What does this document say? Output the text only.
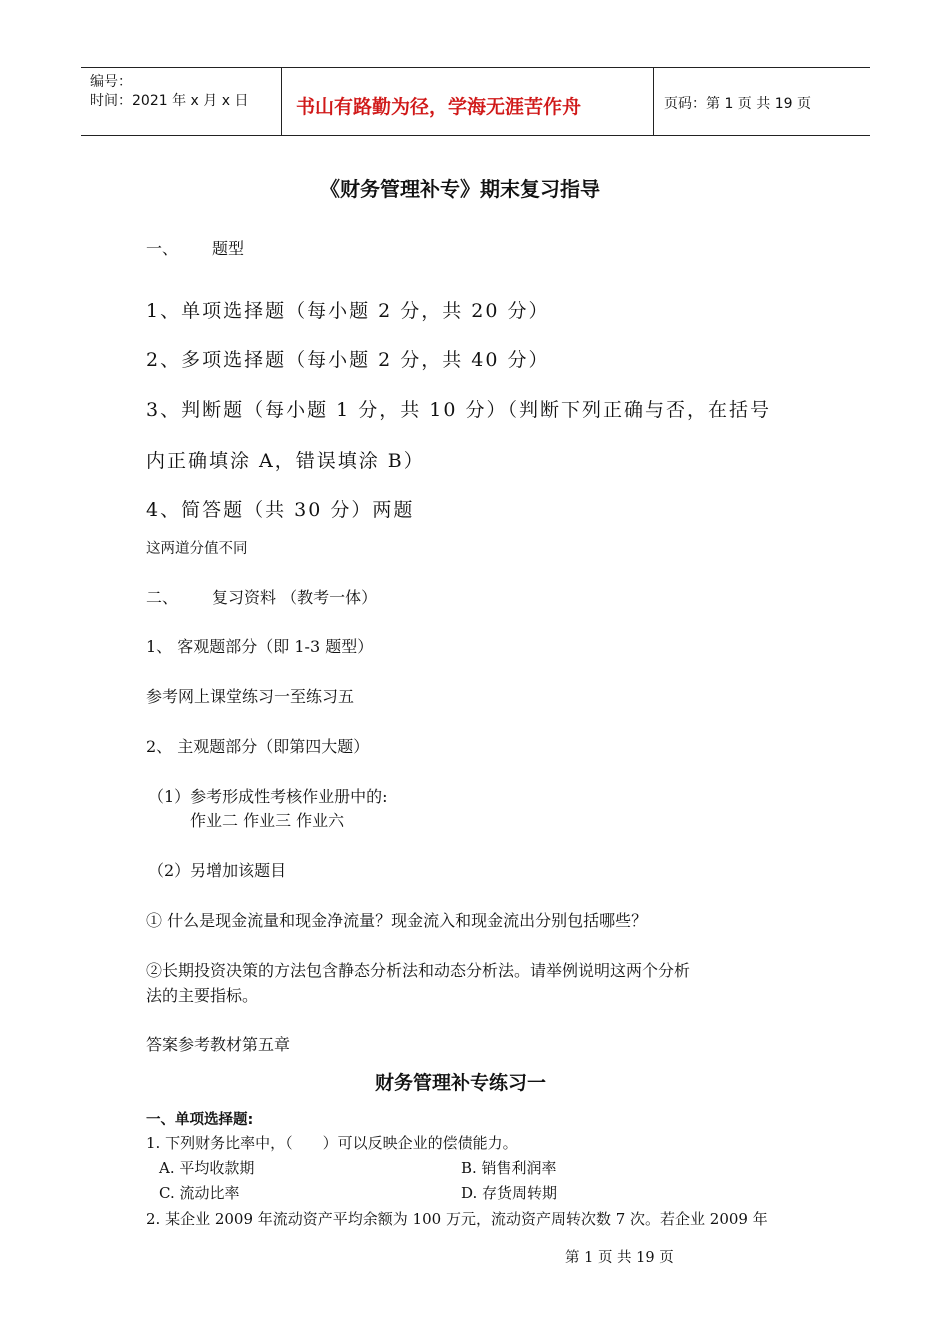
编号：
时间：2021 年 x 月 x 日	书山有路勤为径，学海无涯苦作舟	页码：第 1 页 共 19 页
《财务管理补专》期末复习指导
一、 题型
1、单项选择题（每小题 2 分，共 20 分）
2、多项选择题（每小题 2 分，共 40 分）
3、判断题（每小题 1 分，共 10 分）（判断下列正确与否，在括号
内正确填涂 A，错误填涂 B）
4、简答题（共 30 分）两题
这两道分值不同
二、 复习资料 （教考一体）
1、 客观题部分（即 1-3 题型）
参考网上课堂练习一至练习五
2、 主观题部分（即第四大题）
（1）参考形成性考核作业册中的:
作业二 作业三 作业六
（2）另增加该题目
① 什么是现金流量和现金净流量？现金流入和现金流出分别包括哪些？
②长期投资决策的方法包含静态分析法和动态分析法。请举例说明这两个分析
法的主要指标。
答案参考教材第五章
财务管理补专练习一
一、单项选择题:
1. 下列财务比率中，（　　）可以反映企业的偿债能力。
A. 平均收款期	B. 销售利润率
C. 流动比率	D. 存货周转期
2. 某企业 2009 年流动资产平均余额为 100 万元，流动资产周转次数 7 次。若企业 2009 年
第 1 页 共 19 页
